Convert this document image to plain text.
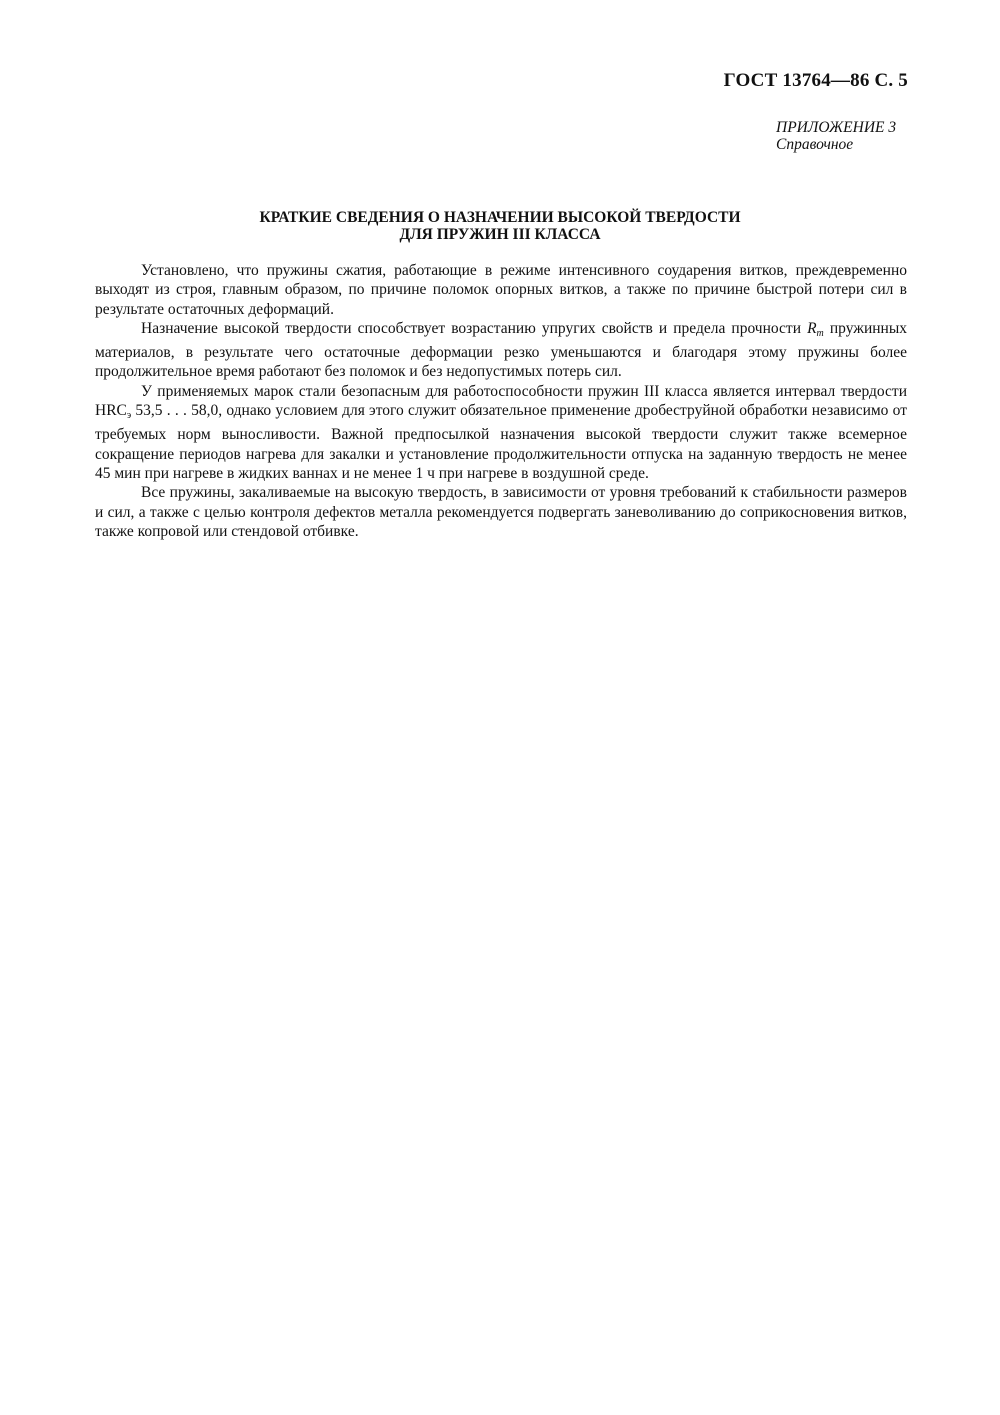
ГОСТ 13764—86 С. 5
ПРИЛОЖЕНИЕ 3
Справочное
КРАТКИЕ СВЕДЕНИЯ О НАЗНАЧЕНИИ ВЫСОКОЙ ТВЕРДОСТИ
ДЛЯ ПРУЖИН III КЛАССА

Установлено, что пружины сжатия, работающие в режиме интенсивного соударения витков, преждевременно выходят из строя, главным образом, по причине поломок опорных витков, а также по причине быстрой потери сил в результате остаточных деформаций.

Назначение высокой твердости способствует возрастанию упругих свойств и предела прочности $R_m$ пружинных материалов, в результате чего остаточные деформации резко уменьшаются и благодаря этому пружины более продолжительное время работают без поломок и без недопустимых потерь сил.

У применяемых марок стали безопасным для работоспособности пружин III класса является интервал твердости $HRC_э$ 53,5 . . . 58,0, однако условием для этого служит обязательное применение дробеструйной обработки независимо от требуемых норм выносливости. Важной предпосылкой назначения высокой твердости служит также всемерное сокращение периодов нагрева для закалки и установление продолжительности отпуска на заданную твердость не менее 45 мин при нагреве в жидких ваннах и не менее 1 ч при нагреве в воздушной среде.

Все пружины, закаливаемые на высокую твердость, в зависимости от уровня требований к стабильности размеров и сил, а также с целью контроля дефектов металла рекомендуется подвергать заневоливанию до соприкосновения витков, также копровой или стендовой отбивке.
